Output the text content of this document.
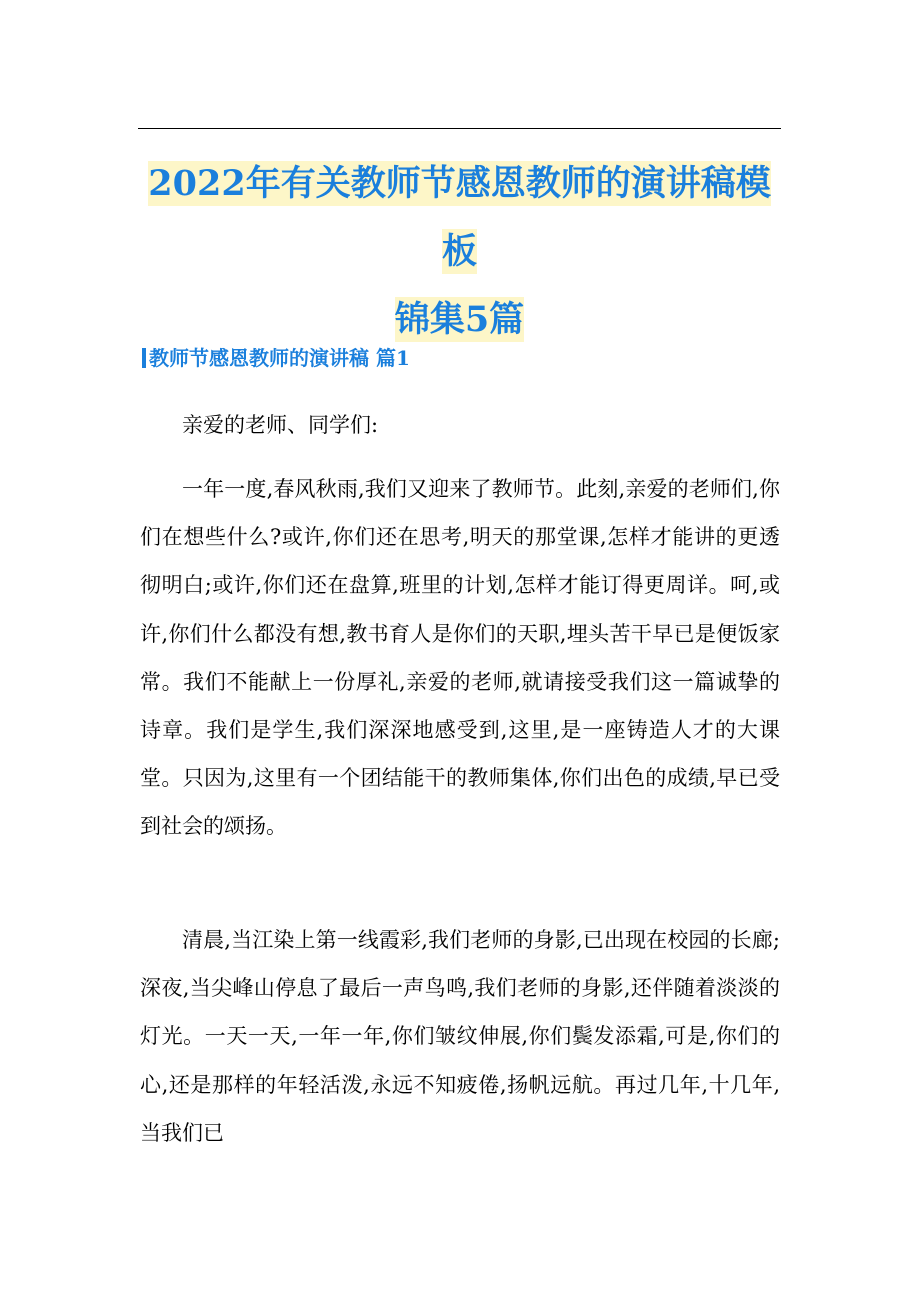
2022年有关教师节感恩教师的演讲稿模板
锦集5篇
教师节感恩教师的演讲稿 篇1

亲爱的老师、同学们:

一年一度,春风秋雨,我们又迎来了教师节。此刻,亲爱的老师们,你们在想些什么?或许,你们还在思考,明天的那堂课,怎样才能讲的更透彻明白;或许,你们还在盘算,班里的计划,怎样才能订得更周详。呵,或许,你们什么都没有想,教书育人是你们的天职,埋头苦干早已是便饭家常。我们不能献上一份厚礼,亲爱的老师,就请接受我们这一篇诚挚的诗章。我们是学生,我们深深地感受到,这里,是一座铸造人才的大课堂。只因为,这里有一个团结能干的教师集体,你们出色的成绩,早已受到社会的颂扬。

清晨,当江染上第一线霞彩,我们老师的身影,已出现在校园的长廊;深夜,当尖峰山停息了最后一声鸟鸣,我们老师的身影,还伴随着淡淡的灯光。一天一天,一年一年,你们皱纹伸展,你们鬓发添霜,可是,你们的心,还是那样的年轻活泼,永远不知疲倦,扬帆远航。再过几年,十几年,当我们已
